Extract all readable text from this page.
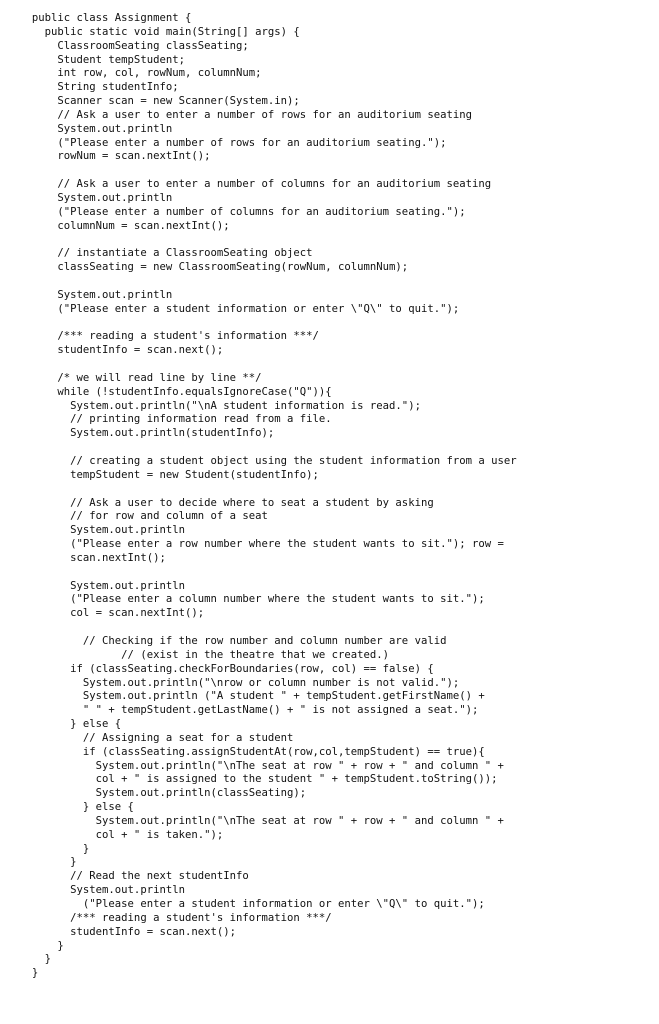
public class Assignment {
public static void main(String[] args) {
ClassroomSeating classSeating;
Student tempStudent;
int row, col, rowNum, columnNum;
String studentInfo;
Scanner scan = new Scanner(System.in);
// Ask a user to enter a number of rows for an auditorium seating
System.out.println
("Please enter a number of rows for an auditorium seating.");
rowNum = scan.nextInt();
// Ask a user to enter a number of columns for an auditorium seating
System.out.println
("Please enter a number of columns for an auditorium seating.");
columnNum = scan.nextInt();
// instantiate a ClassroomSeating object
classSeating = new ClassroomSeating(rowNum, columnNum);
System.out.println
("Please enter a student information or enter \"Q\" to quit.");
/*** reading a student's information ***/
studentInfo = scan.next();
/* we will read line by line **/
while (!studentInfo.equalsIgnoreCase("Q")){
System.out.println("\nA student information is read.");
// printing information read from a file.
System.out.println(studentInfo);
// creating a student object using the student information from a user
tempStudent = new Student(studentInfo);
// Ask a user to decide where to seat a student by asking
// for row and column of a seat
System.out.println
("Please enter a row number where the student wants to sit."); row =
scan.nextInt();
System.out.println
("Please enter a column number where the student wants to sit.");
col = scan.nextInt();
// Checking if the row number and column number are valid
// (exist in the theatre that we created.)
if (classSeating.checkForBoundaries(row, col) == false) {
System.out.println("\nrow or column number is not valid.");
System.out.println ("A student " + tempStudent.getFirstName() +
" " + tempStudent.getLastName() + " is not assigned a seat.");
} else {
// Assigning a seat for a student
if (classSeating.assignStudentAt(row,col,tempStudent) == true){
System.out.println("\nThe seat at row " + row + " and column " +
col + " is assigned to the student " + tempStudent.toString());
System.out.println(classSeating);
} else {
System.out.println("\nThe seat at row " + row + " and column " +
col + " is taken.");
}
}
// Read the next studentInfo
System.out.println
("Please enter a student information or enter \"Q\" to quit.");
/*** reading a student's information ***/
studentInfo = scan.next();
}
}
}
